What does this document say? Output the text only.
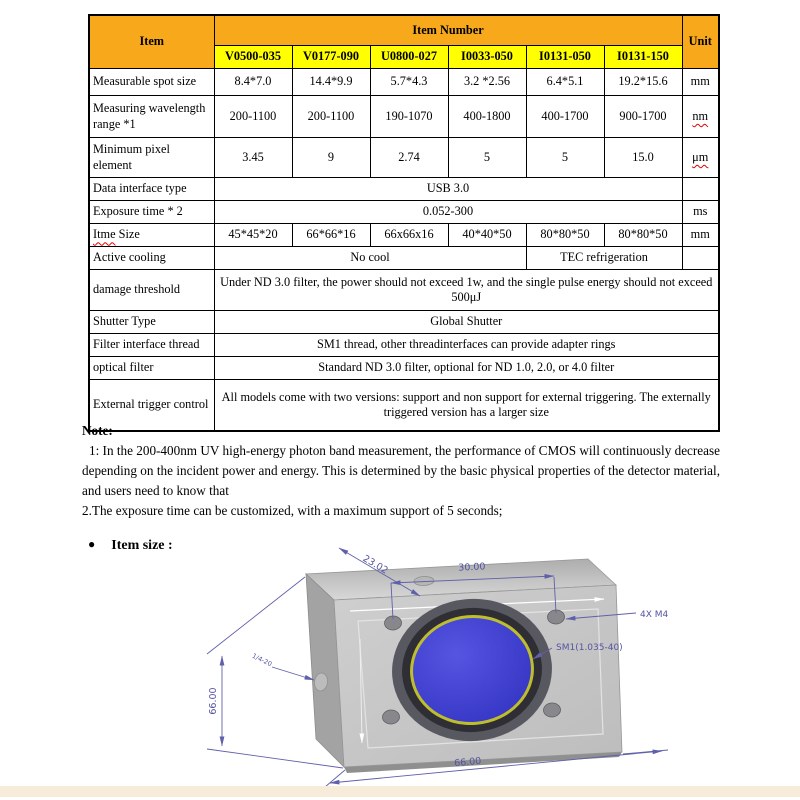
Item	Item Number						Unit
	V0500-035	V0177-090	U0800-027	I0033-050	I0131-050	I0131-150	
Measurable spot size	8.4*7.0	14.4*9.9	5.7*4.3	3.2 *2.56	6.4*5.1	19.2*15.6	mm
Measuring wavelength range *1	200-1100	200-1100	190-1070	400-1800	400-1700	900-1700	nm
Minimum pixel element	3.45	9	2.74	5	5	15.0	μm
Data interface type	USB 3.0						
Exposure time * 2	0.052-300						ms
Itme Size	45*45*20	66*66*16	66x66x16	40*40*50	80*80*50	80*80*50	mm
Active cooling	No cool				TEC refrigeration		
damage threshold	Under ND 3.0 filter, the power should not exceed 1w, and the single pulse energy should not exceed 500μJ						
Shutter Type	Global Shutter						
Filter interface thread	SM1 thread, other threadinterfaces can provide adapter rings						
optical filter	Standard ND 3.0 filter, optional for ND 1.0, 2.0, or 4.0 filter						
External trigger control	All models come with two versions: support and non support for external triggering. The externally triggered version has a larger size						

Note:

1: In the 200-400nm UV high-energy photon band measurement, the performance of CMOS will continuously decrease depending on the incident power and energy. This is determined by the basic physical properties of the detector material, and users need to know that

2.The exposure time can be customized, with a maximum support of 5 seconds;

● Item size :
30.00
23.02
66.00
66.00
4X M4
SM1(1.035-40)
1/4-20
